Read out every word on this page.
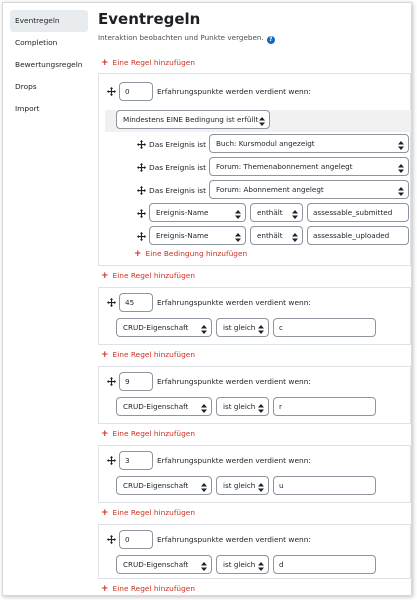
Eventregeln
Completion
Bewertungsregeln
Drops
Import
Eventregeln
Interaktion beobachten und Punkte vergeben. ?
+ Eine Regel hinzufügen
0	Erfahrungspunkte werden verdient wenn:
Mindestens EINE Bedingung ist erfüllt
Das Ereignis ist	Buch: Kursmodul angezeigt
Das Ereignis ist	Forum: Themenabonnement angelegt
Das Ereignis ist	Forum: Abonnement angelegt
Ereignis-Name	enthält	assessable_submitted
Ereignis-Name	enthält	assessable_uploaded
+ Eine Bedingung hinzufügen
+ Eine Regel hinzufügen
45	Erfahrungspunkte werden verdient wenn:
CRUD-Eigenschaft	ist gleich	c
+ Eine Regel hinzufügen
9	Erfahrungspunkte werden verdient wenn:
CRUD-Eigenschaft	ist gleich	r
+ Eine Regel hinzufügen
3	Erfahrungspunkte werden verdient wenn:
CRUD-Eigenschaft	ist gleich	u
+ Eine Regel hinzufügen
0	Erfahrungspunkte werden verdient wenn:
CRUD-Eigenschaft	ist gleich	d
+ Eine Regel hinzufügen
